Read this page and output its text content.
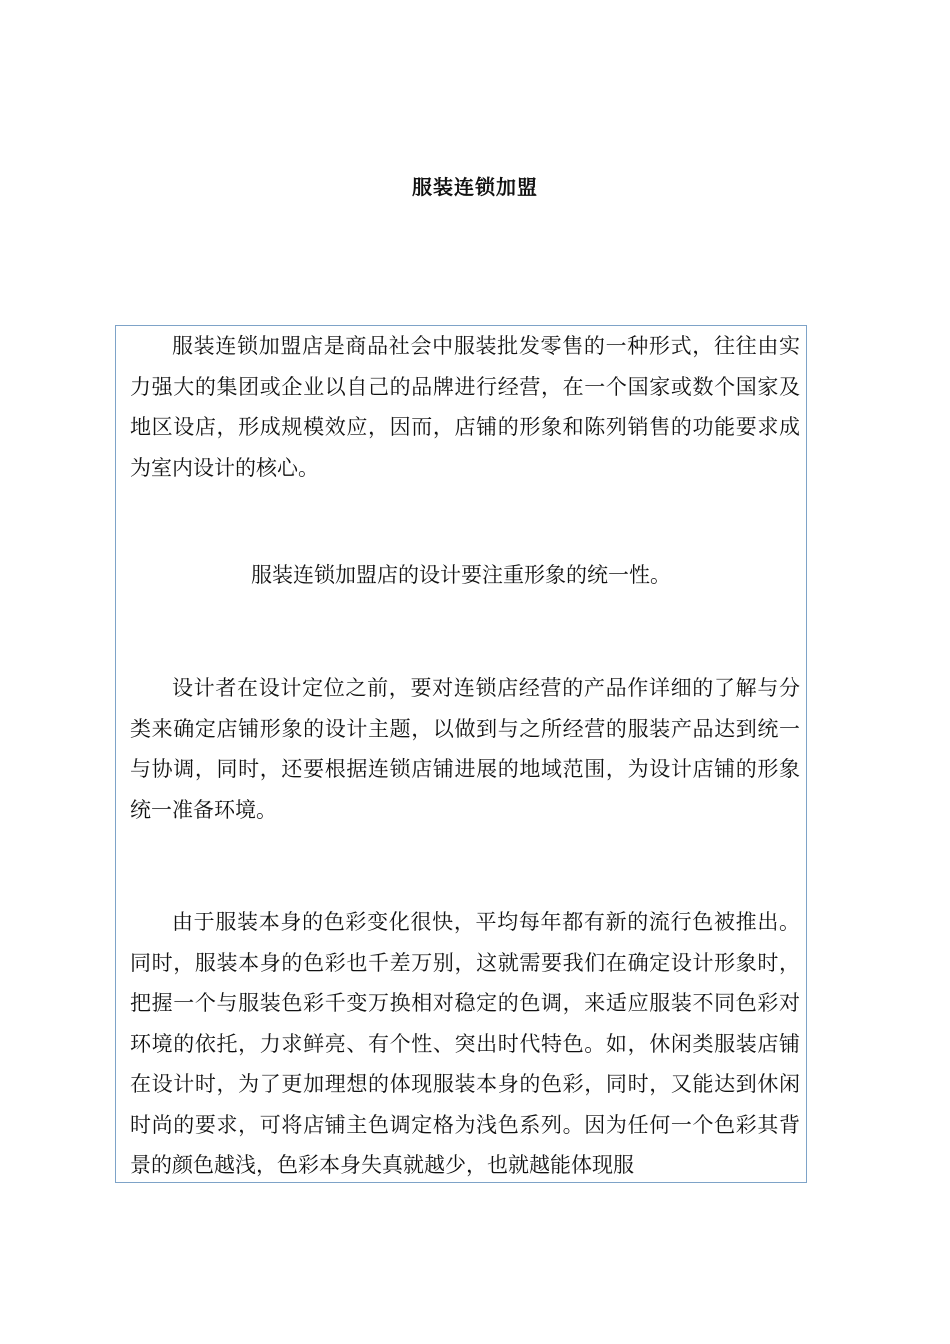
服装连锁加盟

服装连锁加盟店是商品社会中服装批发零售的一种形式，往往由实力强大的集团或企业以自己的品牌进行经营，在一个国家或数个国家及地区设店，形成规模效应，因而，店铺的形象和陈列销售的功能要求成为室内设计的核心。

服装连锁加盟店的设计要注重形象的统一性。

设计者在设计定位之前，要对连锁店经营的产品作详细的了解与分类来确定店铺形象的设计主题，以做到与之所经营的服装产品达到统一与协调，同时，还要根据连锁店铺进展的地域范围，为设计店铺的形象统一准备环境。

由于服装本身的色彩变化很快，平均每年都有新的流行色被推出。同时，服装本身的色彩也千差万别，这就需要我们在确定设计形象时，把握一个与服装色彩千变万换相对稳定的色调，来适应服装不同色彩对环境的依托，力求鲜亮、有个性、突出时代特色。如，休闲类服装店铺在设计时，为了更加理想的体现服装本身的色彩，同时，又能达到休闲时尚的要求，可将店铺主色调定格为浅色系列。因为任何一个色彩其背景的颜色越浅，色彩本身失真就越少，也就越能体现服
